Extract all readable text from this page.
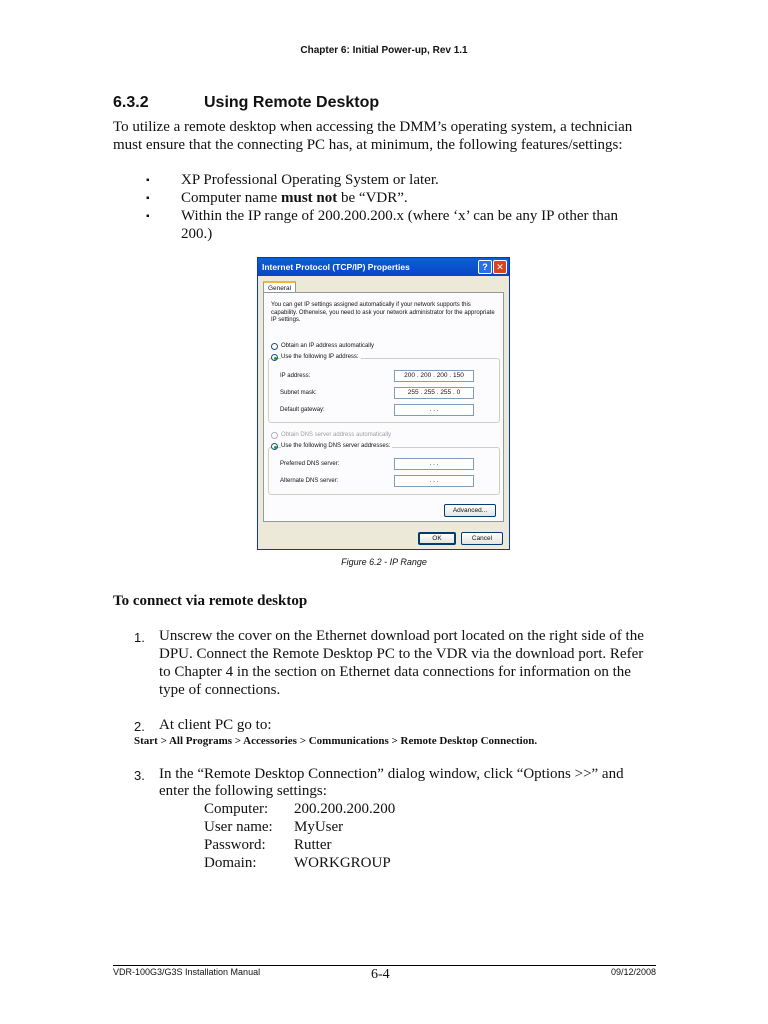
Chapter 6: Initial Power-up, Rev 1.1
6.3.2	Using Remote Desktop
To utilize a remote desktop when accessing the DMM’s operating system, a technician must ensure that the connecting PC has, at minimum, the following features/settings:
▪ XP Professional Operating System or later.
▪ Computer name must not be “VDR”.
▪ Within the IP range of 200.200.200.x (where ‘x’ can be any IP other than
200.)
Internet Protocol (TCP/IP) Properties	? ✕
General
You can get IP settings assigned automatically if your network supports this capability. Otherwise, you need to ask your network administrator for the appropriate IP settings.
Obtain an IP address automatically
Use the following IP address:
IP address:	200 . 200 . 200 . 150
Subnet mask:	255 . 255 . 255 . 0
Default gateway:	. . .
Obtain DNS server address automatically
Use the following DNS server addresses:
Preferred DNS server:	. . .
Alternate DNS server:	. . .
Advanced...
OK	Cancel
Figure 6.2 - IP Range
To connect via remote desktop
1. Unscrew the cover on the Ethernet download port located on the right side of the
DPU. Connect the Remote Desktop PC to the VDR via the download port. Refer
to Chapter 4 in the section on Ethernet data connections for information on the
type of connections.
2. At client PC go to:
Start > All Programs > Accessories > Communications > Remote Desktop Connection.
3. In the “Remote Desktop Connection” dialog window, click “Options >>” and
enter the following settings:
Computer: 200.200.200.200
User name: MyUser
Password: Rutter
Domain:	WORKGROUP
VDR-100G3/G3S Installation Manual	6-4	09/12/2008
